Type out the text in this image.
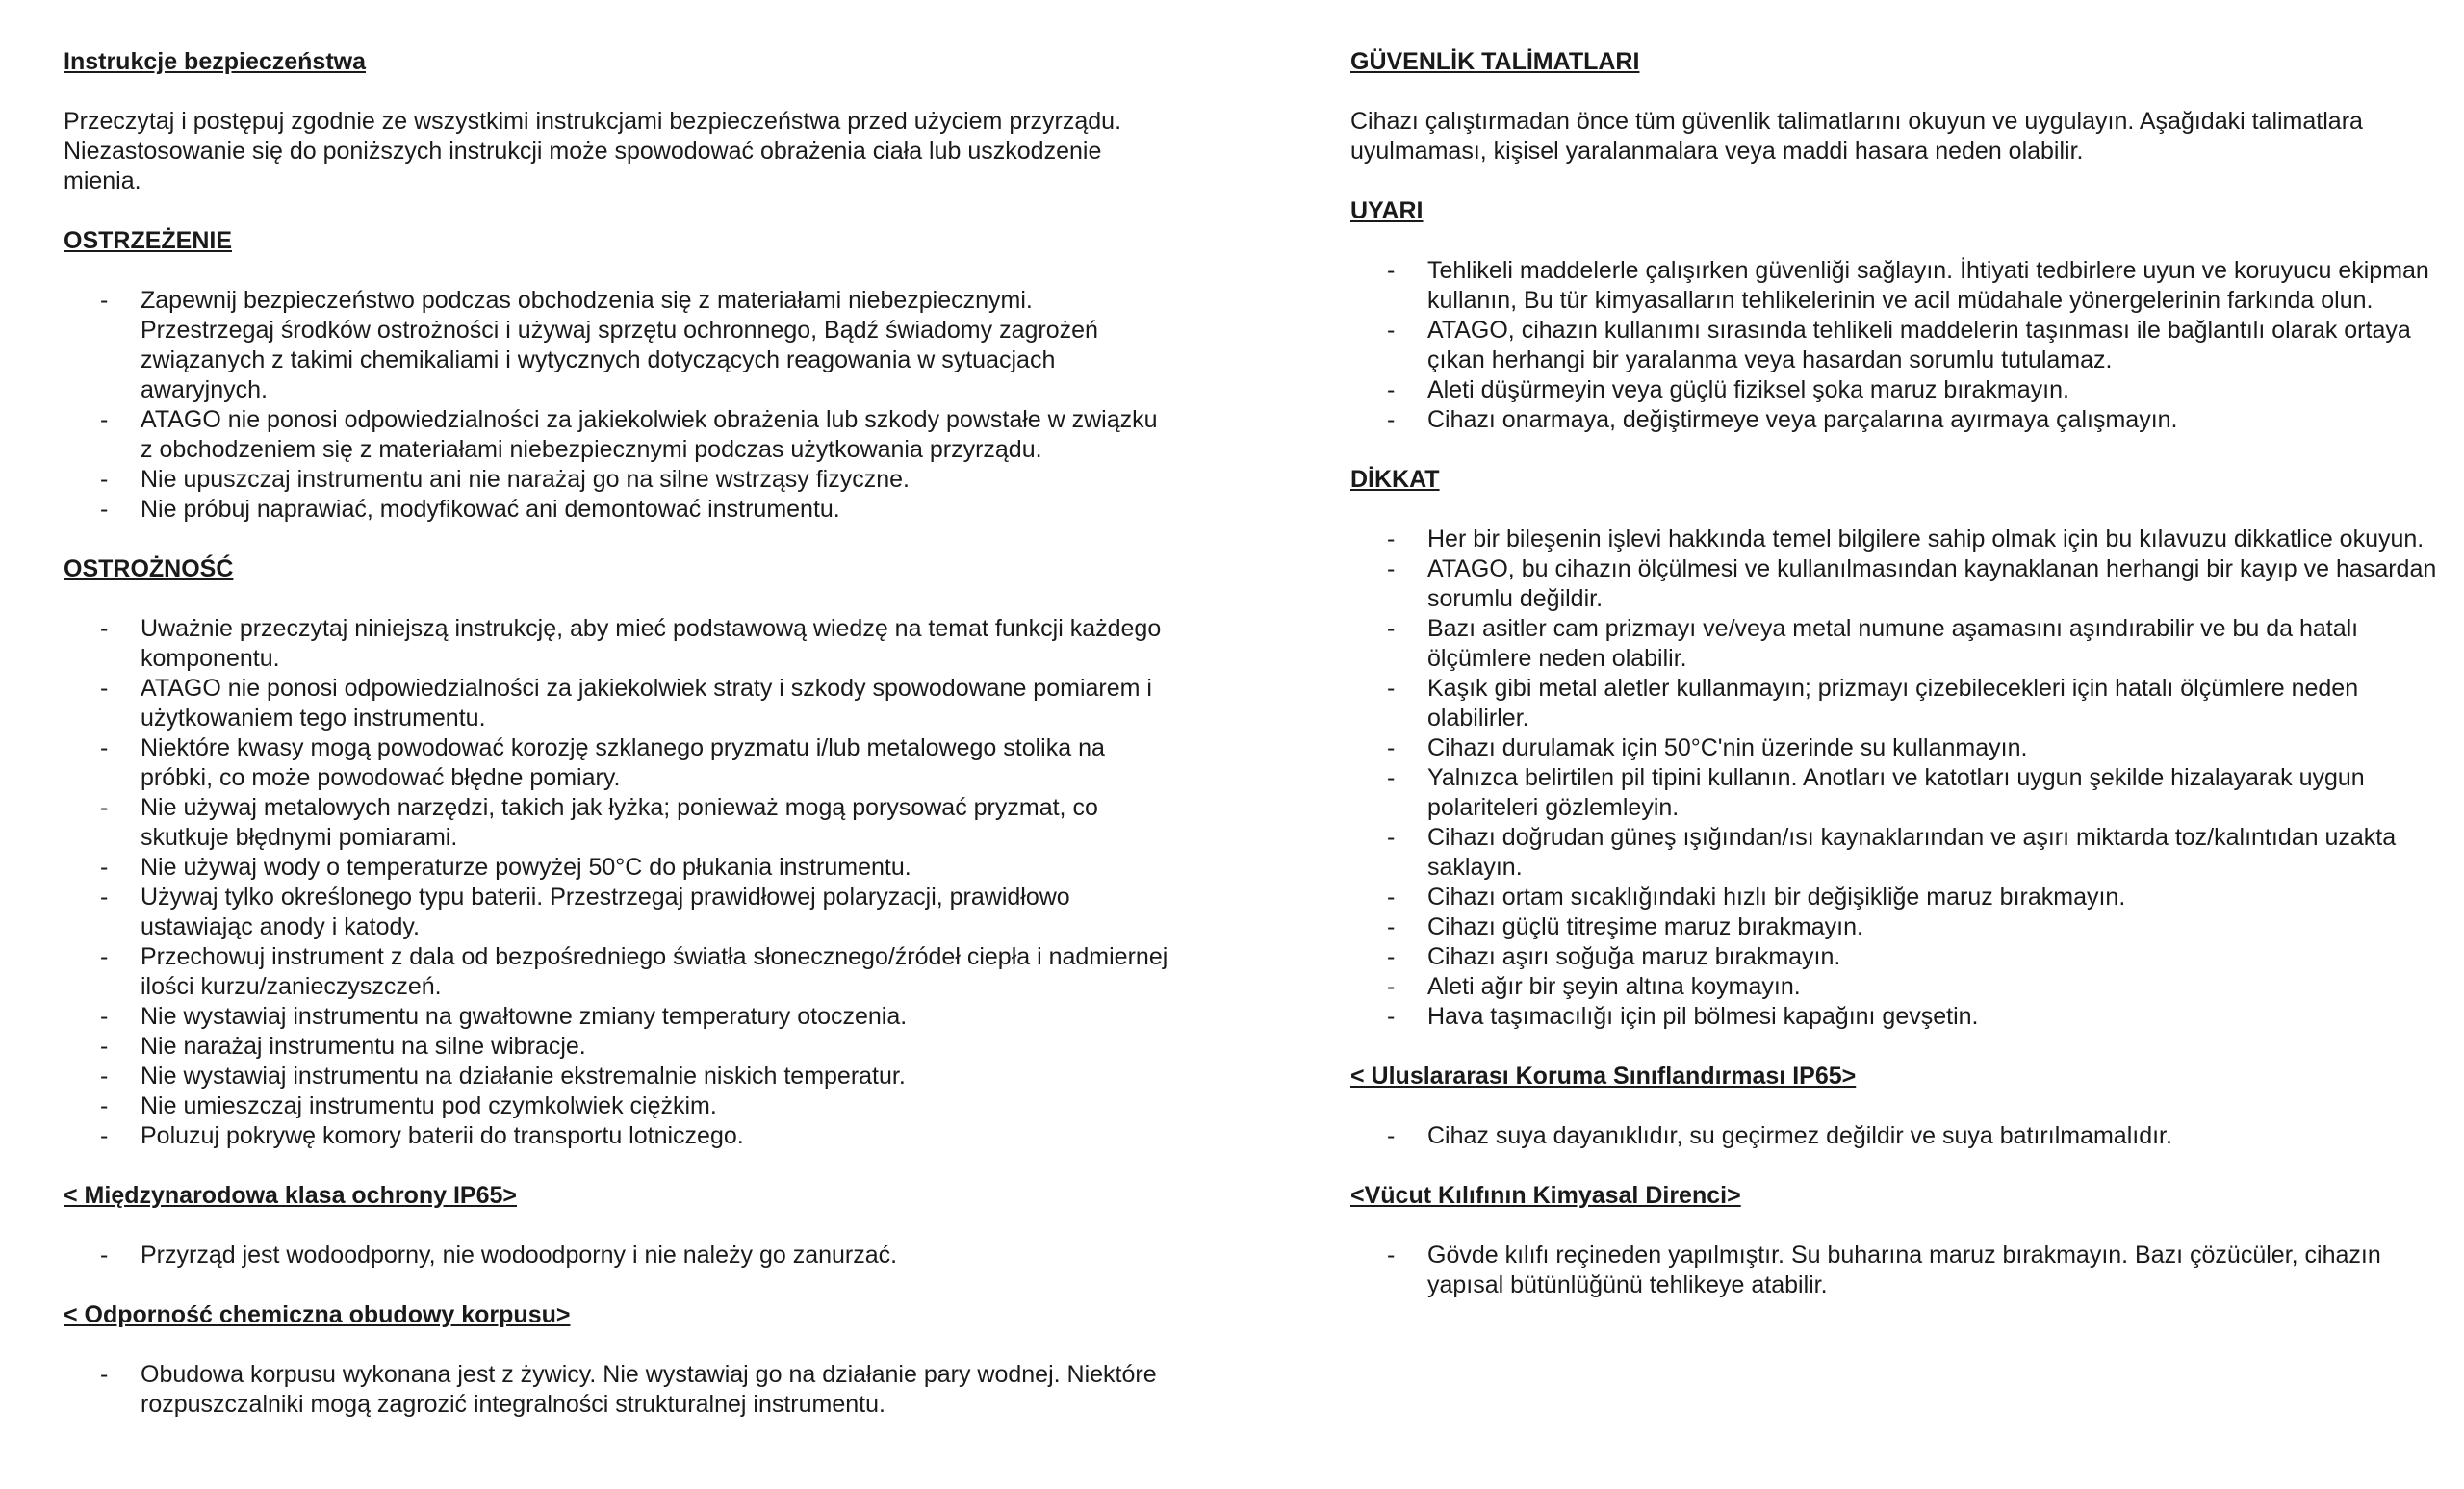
Instrukcje bezpieczeństwa

Przeczytaj i postępuj zgodnie ze wszystkimi instrukcjami bezpieczeństwa przed użyciem przyrządu. Niezastosowanie się do poniższych instrukcji może spowodować obrażenia ciała lub uszkodzenie mienia.

OSTRZEŻENIE

- Zapewnij bezpieczeństwo podczas obchodzenia się z materiałami niebezpiecznymi. Przestrzegaj środków ostrożności i używaj sprzętu ochronnego, Bądź świadomy zagrożeń związanych z takimi chemikaliami i wytycznych dotyczących reagowania w sytuacjach awaryjnych.
- ATAGO nie ponosi odpowiedzialności za jakiekolwiek obrażenia lub szkody powstałe w związku z obchodzeniem się z materiałami niebezpiecznymi podczas użytkowania przyrządu.
- Nie upuszczaj instrumentu ani nie narażaj go na silne wstrząsy fizyczne.
- Nie próbuj naprawiać, modyfikować ani demontować instrumentu.

OSTROŻNOŚĆ

- Uważnie przeczytaj niniejszą instrukcję, aby mieć podstawową wiedzę na temat funkcji każdego komponentu.
- ATAGO nie ponosi odpowiedzialności za jakiekolwiek straty i szkody spowodowane pomiarem i użytkowaniem tego instrumentu.
- Niektóre kwasy mogą powodować korozję szklanego pryzmatu i/lub metalowego stolika na próbki, co może powodować błędne pomiary.
- Nie używaj metalowych narzędzi, takich jak łyżka; ponieważ mogą porysować pryzmat, co skutkuje błędnymi pomiarami.
- Nie używaj wody o temperaturze powyżej 50°C do płukania instrumentu.
- Używaj tylko określonego typu baterii. Przestrzegaj prawidłowej polaryzacji, prawidłowo ustawiając anody i katody.
- Przechowuj instrument z dala od bezpośredniego światła słonecznego/źródeł ciepła i nadmiernej ilości kurzu/zanieczyszczeń.
- Nie wystawiaj instrumentu na gwałtowne zmiany temperatury otoczenia.
- Nie narażaj instrumentu na silne wibracje.
- Nie wystawiaj instrumentu na działanie ekstremalnie niskich temperatur.
- Nie umieszczaj instrumentu pod czymkolwiek ciężkim.
- Poluzuj pokrywę komory baterii do transportu lotniczego.

< Międzynarodowa klasa ochrony IP65>

- Przyrząd jest wodoodporny, nie wodoodporny i nie należy go zanurzać.

< Odporność chemiczna obudowy korpusu>

- Obudowa korpusu wykonana jest z żywicy. Nie wystawiaj go na działanie pary wodnej. Niektóre rozpuszczalniki mogą zagrozić integralności strukturalnej instrumentu.

GÜVENLİK TALİMATLARI

Cihazı çalıştırmadan önce tüm güvenlik talimatlarını okuyun ve uygulayın. Aşağıdaki talimatlara uyulmaması, kişisel yaralanmalara veya maddi hasara neden olabilir.

UYARI

- Tehlikeli maddelerle çalışırken güvenliği sağlayın. İhtiyati tedbirlere uyun ve koruyucu ekipman kullanın, Bu tür kimyasalların tehlikelerinin ve acil müdahale yönergelerinin farkında olun.
- ATAGO, cihazın kullanımı sırasında tehlikeli maddelerin taşınması ile bağlantılı olarak ortaya çıkan herhangi bir yaralanma veya hasardan sorumlu tutulamaz.
- Aleti düşürmeyin veya güçlü fiziksel şoka maruz bırakmayın.
- Cihazı onarmaya, değiştirmeye veya parçalarına ayırmaya çalışmayın.

DİKKAT

- Her bir bileşenin işlevi hakkında temel bilgilere sahip olmak için bu kılavuzu dikkatlice okuyun.
- ATAGO, bu cihazın ölçülmesi ve kullanılmasından kaynaklanan herhangi bir kayıp ve hasardan sorumlu değildir.
- Bazı asitler cam prizmayı ve/veya metal numune aşamasını aşındırabilir ve bu da hatalı ölçümlere neden olabilir.
- Kaşık gibi metal aletler kullanmayın; prizmayı çizebilecekleri için hatalı ölçümlere neden olabilirler.
- Cihazı durulamak için 50°C'nin üzerinde su kullanmayın.
- Yalnızca belirtilen pil tipini kullanın. Anotları ve katotları uygun şekilde hizalayarak uygun polariteleri gözlemleyin.
- Cihazı doğrudan güneş ışığından/ısı kaynaklarından ve aşırı miktarda toz/kalıntıdan uzakta saklayın.
- Cihazı ortam sıcaklığındaki hızlı bir değişikliğe maruz bırakmayın.
- Cihazı güçlü titreşime maruz bırakmayın.
- Cihazı aşırı soğuğa maruz bırakmayın.
- Aleti ağır bir şeyin altına koymayın.
- Hava taşımacılığı için pil bölmesi kapağını gevşetin.

< Uluslararası Koruma Sınıflandırması IP65>

- Cihaz suya dayanıklıdır, su geçirmez değildir ve suya batırılmamalıdır.

<Vücut Kılıfının Kimyasal Direnci>

- Gövde kılıfı reçineden yapılmıştır. Su buharına maruz bırakmayın. Bazı çözücüler, cihazın yapısal bütünlüğünü tehlikeye atabilir.
